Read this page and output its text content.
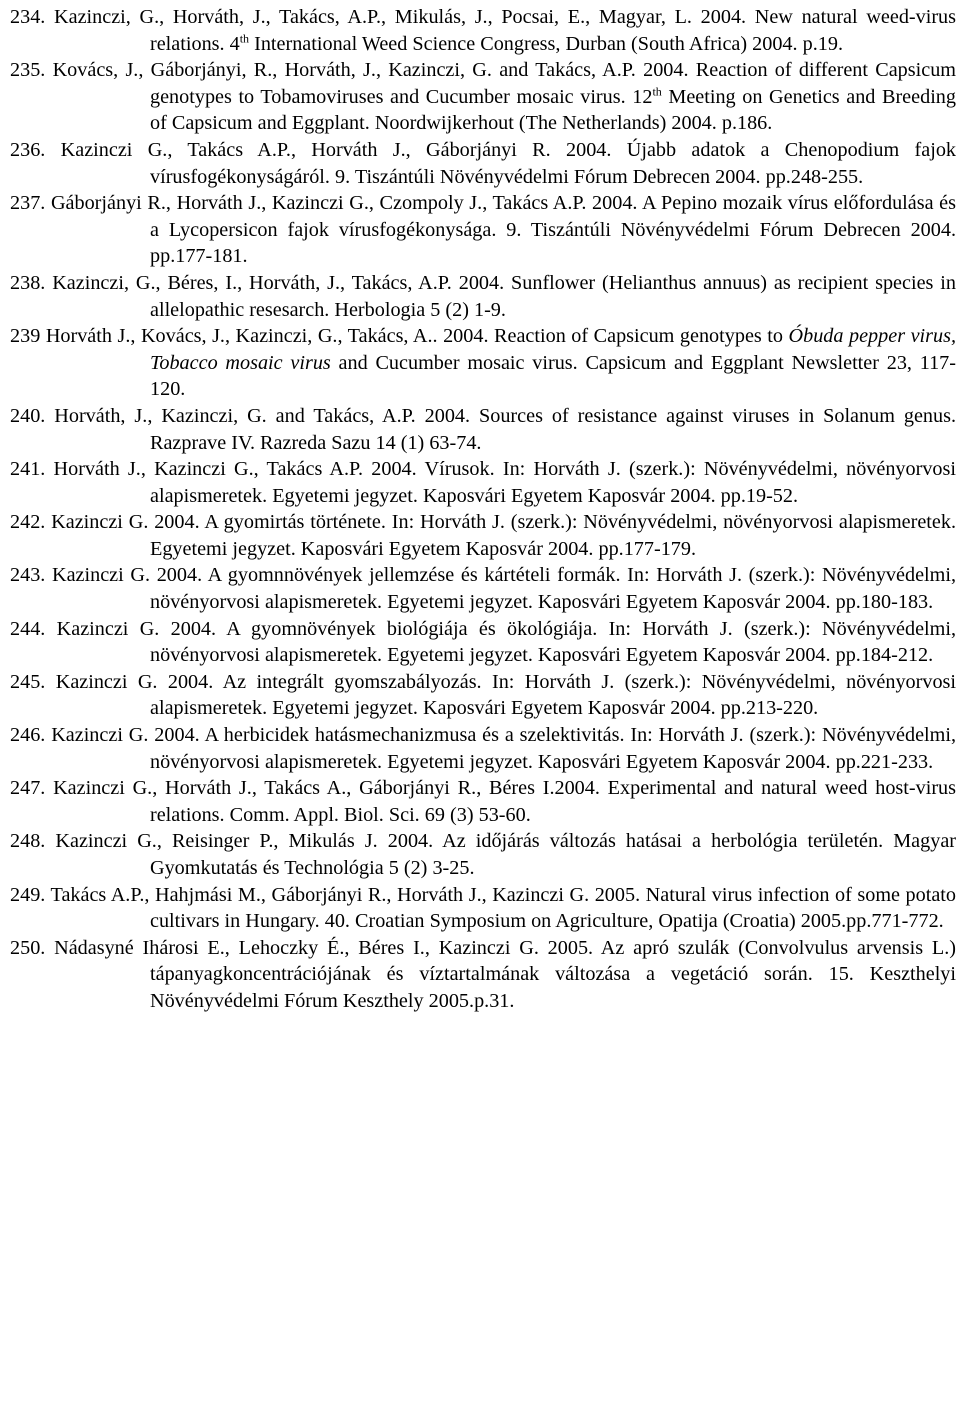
234. Kazinczi, G., Horváth, J., Takács, A.P., Mikulás, J., Pocsai, E., Magyar, L. 2004. New natural weed-virus relations. 4th International Weed Science Congress, Durban (South Africa) 2004. p.19.
235. Kovács, J., Gáborjányi, R., Horváth, J., Kazinczi, G. and Takács, A.P. 2004. Reaction of different Capsicum genotypes to Tobamoviruses and Cucumber mosaic virus. 12th Meeting on Genetics and Breeding of Capsicum and Eggplant. Noordwijkerhout (The Netherlands) 2004. p.186.
236. Kazinczi G., Takács A.P., Horváth J., Gáborjányi R. 2004. Újabb adatok a Chenopodium fajok vírusfogékonyságáról. 9. Tiszántúli Növényvédelmi Fórum Debrecen 2004. pp.248-255.
237. Gáborjányi R., Horváth J., Kazinczi G., Czompoly J., Takács A.P. 2004. A Pepino mozaik vírus előfordulása és a Lycopersicon fajok vírusfogékonysága. 9. Tiszántúli Növényvédelmi Fórum Debrecen 2004. pp.177-181.
238. Kazinczi, G., Béres, I., Horváth, J., Takács, A.P. 2004. Sunflower (Helianthus annuus) as recipient species in allelopathic resesarch. Herbologia 5 (2) 1-9.
239 Horváth J., Kovács, J., Kazinczi, G., Takács, A.. 2004. Reaction of Capsicum genotypes to Óbuda pepper virus, Tobacco mosaic virus and Cucumber mosaic virus. Capsicum and Eggplant Newsletter 23, 117-120.
240. Horváth, J., Kazinczi, G. and Takács, A.P. 2004. Sources of resistance against viruses in Solanum genus. Razprave IV. Razreda Sazu 14 (1) 63-74.
241. Horváth J., Kazinczi G., Takács A.P. 2004. Vírusok. In: Horváth J. (szerk.): Növényvédelmi, növényorvosi alapismeretek. Egyetemi jegyzet. Kaposvári Egyetem Kaposvár 2004. pp.19-52.
242. Kazinczi G. 2004. A gyomirtás története. In: Horváth J. (szerk.): Növényvédelmi, növényorvosi alapismeretek. Egyetemi jegyzet. Kaposvári Egyetem Kaposvár 2004. pp.177-179.
243. Kazinczi G. 2004. A gyomnnövények jellemzése és kártételi formák. In: Horváth J. (szerk.): Növényvédelmi, növényorvosi alapismeretek. Egyetemi jegyzet. Kaposvári Egyetem Kaposvár 2004. pp.180-183.
244. Kazinczi G. 2004. A gyomnövények biológiája és ökológiája. In: Horváth J. (szerk.): Növényvédelmi, növényorvosi alapismeretek. Egyetemi jegyzet. Kaposvári Egyetem Kaposvár 2004. pp.184-212.
245. Kazinczi G. 2004. Az integrált gyomszabályozás. In: Horváth J. (szerk.): Növényvédelmi, növényorvosi alapismeretek. Egyetemi jegyzet. Kaposvári Egyetem Kaposvár 2004. pp.213-220.
246. Kazinczi G. 2004. A herbicidek hatásmechanizmusa és a szelektivitás. In: Horváth J. (szerk.): Növényvédelmi, növényorvosi alapismeretek. Egyetemi jegyzet. Kaposvári Egyetem Kaposvár 2004. pp.221-233.
247. Kazinczi G., Horváth J., Takács A., Gáborjányi R., Béres I.2004. Experimental and natural weed host-virus relations. Comm. Appl. Biol. Sci. 69 (3) 53-60.
248. Kazinczi G., Reisinger P., Mikulás J. 2004. Az időjárás változás hatásai a herbológia területén. Magyar Gyomkutatás és Technológia 5 (2) 3-25.
249. Takács A.P., Hahjmási M., Gáborjányi R., Horváth J., Kazinczi G. 2005. Natural virus infection of some potato cultivars in Hungary. 40. Croatian Symposium on Agriculture, Opatija (Croatia) 2005.pp.771-772.
250. Nádasyné Ihárosi E., Lehoczky É., Béres I., Kazinczi G. 2005. Az apró szulák (Convolvulus arvensis L.) tápanyagkoncentrációjának és víztartalmának változása a vegetáció során. 15. Keszthelyi Növényvédelmi Fórum Keszthely 2005.p.31.
